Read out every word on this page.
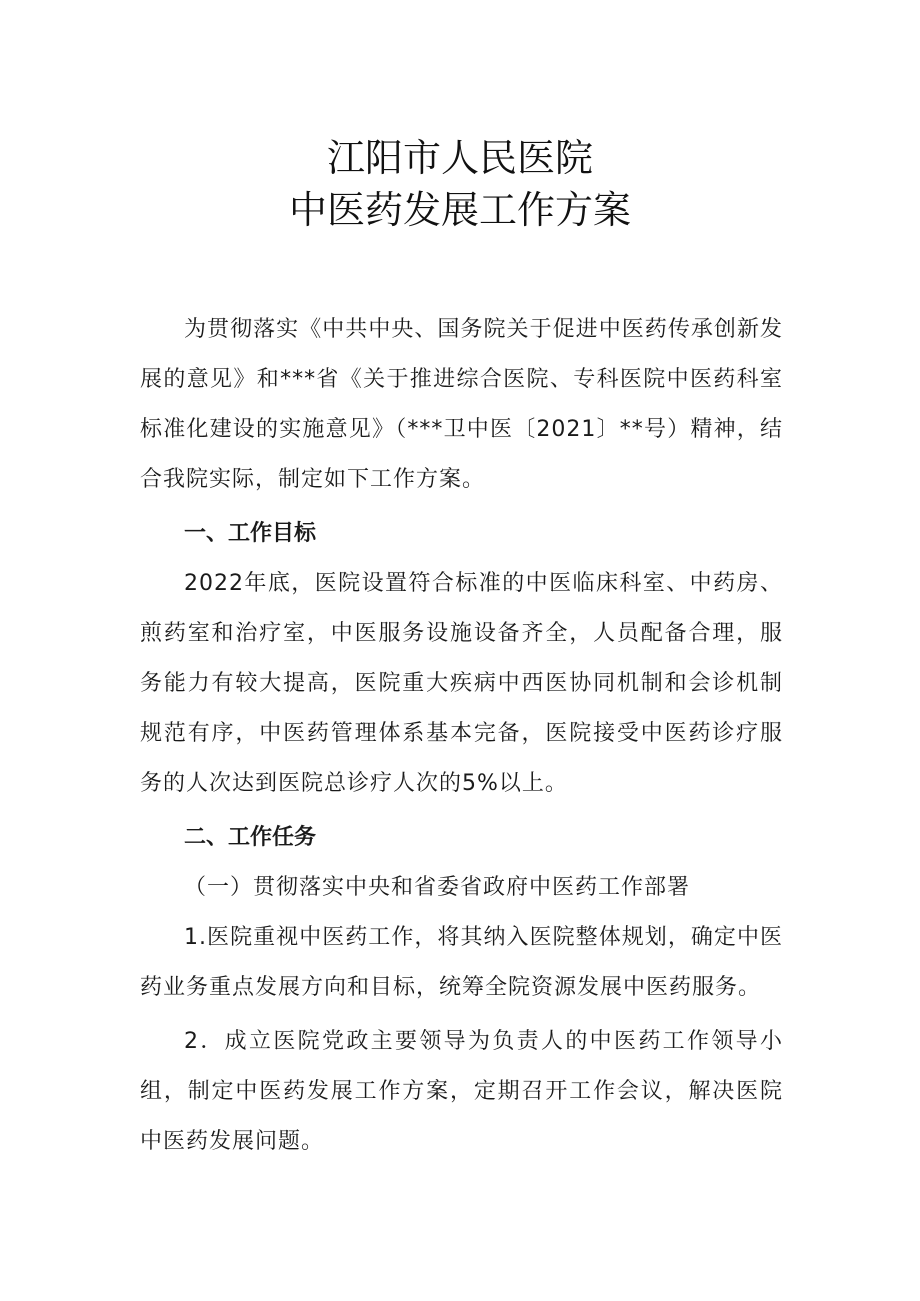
江阳市人民医院
中医药发展工作方案

为贯彻落实《中共中央、国务院关于促进中医药传承创新发展的意见》和***省《关于推进综合医院、专科医院中医药科室标准化建设的实施意见》（***卫中医〔2021〕**号）精神，结合我院实际，制定如下工作方案。

一、工作目标

2022年底，医院设置符合标准的中医临床科室、中药房、煎药室和治疗室，中医服务设施设备齐全，人员配备合理，服务能力有较大提高，医院重大疾病中西医协同机制和会诊机制规范有序，中医药管理体系基本完备，医院接受中医药诊疗服务的人次达到医院总诊疗人次的5%以上。

二、工作任务

（一）贯彻落实中央和省委省政府中医药工作部署

1.医院重视中医药工作，将其纳入医院整体规划，确定中医药业务重点发展方向和目标，统筹全院资源发展中医药服务。

2．成立医院党政主要领导为负责人的中医药工作领导小组，制定中医药发展工作方案，定期召开工作会议，解决医院中医药发展问题。
